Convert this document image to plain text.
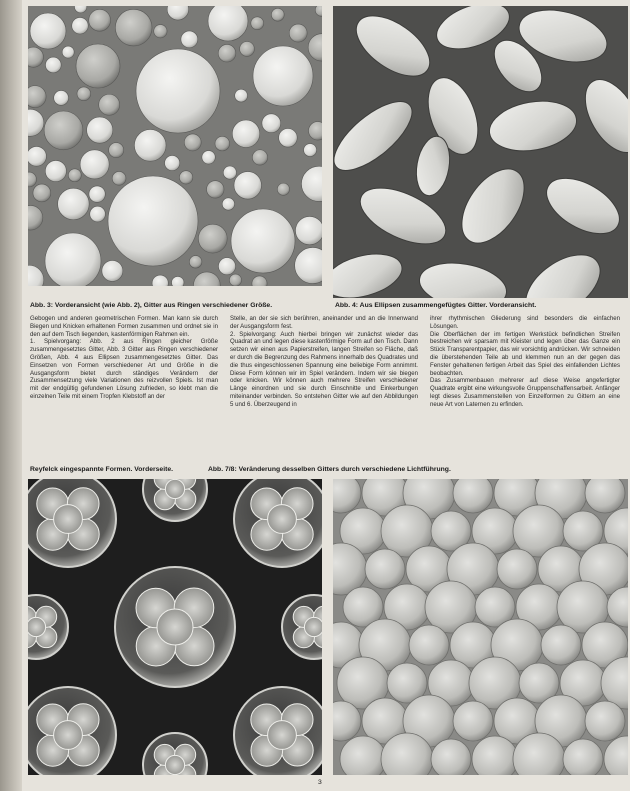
Abb. 3: Vorderansicht (wie Abb. 2), Gitter aus Ringen verschiedener Größe.	Abb. 4: Aus Ellipsen zusammengefügtes Gitter. Vorderansicht.

Gebogen und anderen geometrischen Formen. Man kann sie durch Biegen und Knicken erhaltenen Formen zusammen und ordnet sie in den auf dem Tisch liegenden, kastenförmigen Rahmen ein.

1. Spielvorgang: Abb. 2 aus Ringen gleicher Größe zusammengesetztes Gitter, Abb. 3 Gitter aus Ringen verschiedener Größen, Abb. 4 aus Ellipsen zusammengesetztes Gitter. Das Einsetzen von Formen verschiedener Art und Größe in die Ausgangsform bietet durch ständiges Verändern der Zusammensetzung viele Variationen des reizvollen Spiels. Ist man mit der endgültig gefundenen Lösung zufrieden, so klebt man die einzelnen Teile mit einem Tropfen Klebstoff an der

Stelle, an der sie sich berühren, aneinander und an die Innenwand der Ausgangsform fest.

2. Spielvorgang: Auch hierbei bringen wir zunächst wieder das Quadrat an und legen diese kastenförmige Form auf den Tisch. Dann setzen wir einen aus Papierstreifen, langen Streifen so Fläche, daß er durch die Begrenzung des Rahmens innerhalb des Quadrates und die thus eingeschlossenen Spannung eine beliebige Form annimmt. Diese Form können wir im Spiel verändern. Indem wir sie biegen oder knicken. Wir können auch mehrere Streifen verschiedener Länge einordnen und sie durch Einschnitte und Einkerbungen miteinander verbinden. So entstehen Gitter wie auf den Abbildungen 5 und 6. Überzeugend in

ihrer rhythmischen Gliederung sind besonders die einfachen Lösungen.

Die Oberflächen der im fertigen Werkstück befindlichen Streifen bestreichen wir sparsam mit Kleister und legen über das Ganze ein Stück Transparentpapier, das wir vorsichtig andrücken. Wir schneiden die überstehenden Teile ab und klemmen nun an der gegen das Fenster gehaltenen fertigen Arbeit das Spiel des einfallenden Lichtes beobachten.

Das Zusammenbauen mehrerer auf diese Weise angefertigter Quadrate ergibt eine wirkungsvolle Gruppenschaffensarbeit. Anfänger legt dieses Zusammenstellen von Einzelformen zu Gittern an eine neue Art von Laternen zu erfinden.

Reyfelck eingespannte Formen. Vorderseite.	Abb. 7/8: Veränderung desselben Gitters durch verschiedene Lichtführung.
3
